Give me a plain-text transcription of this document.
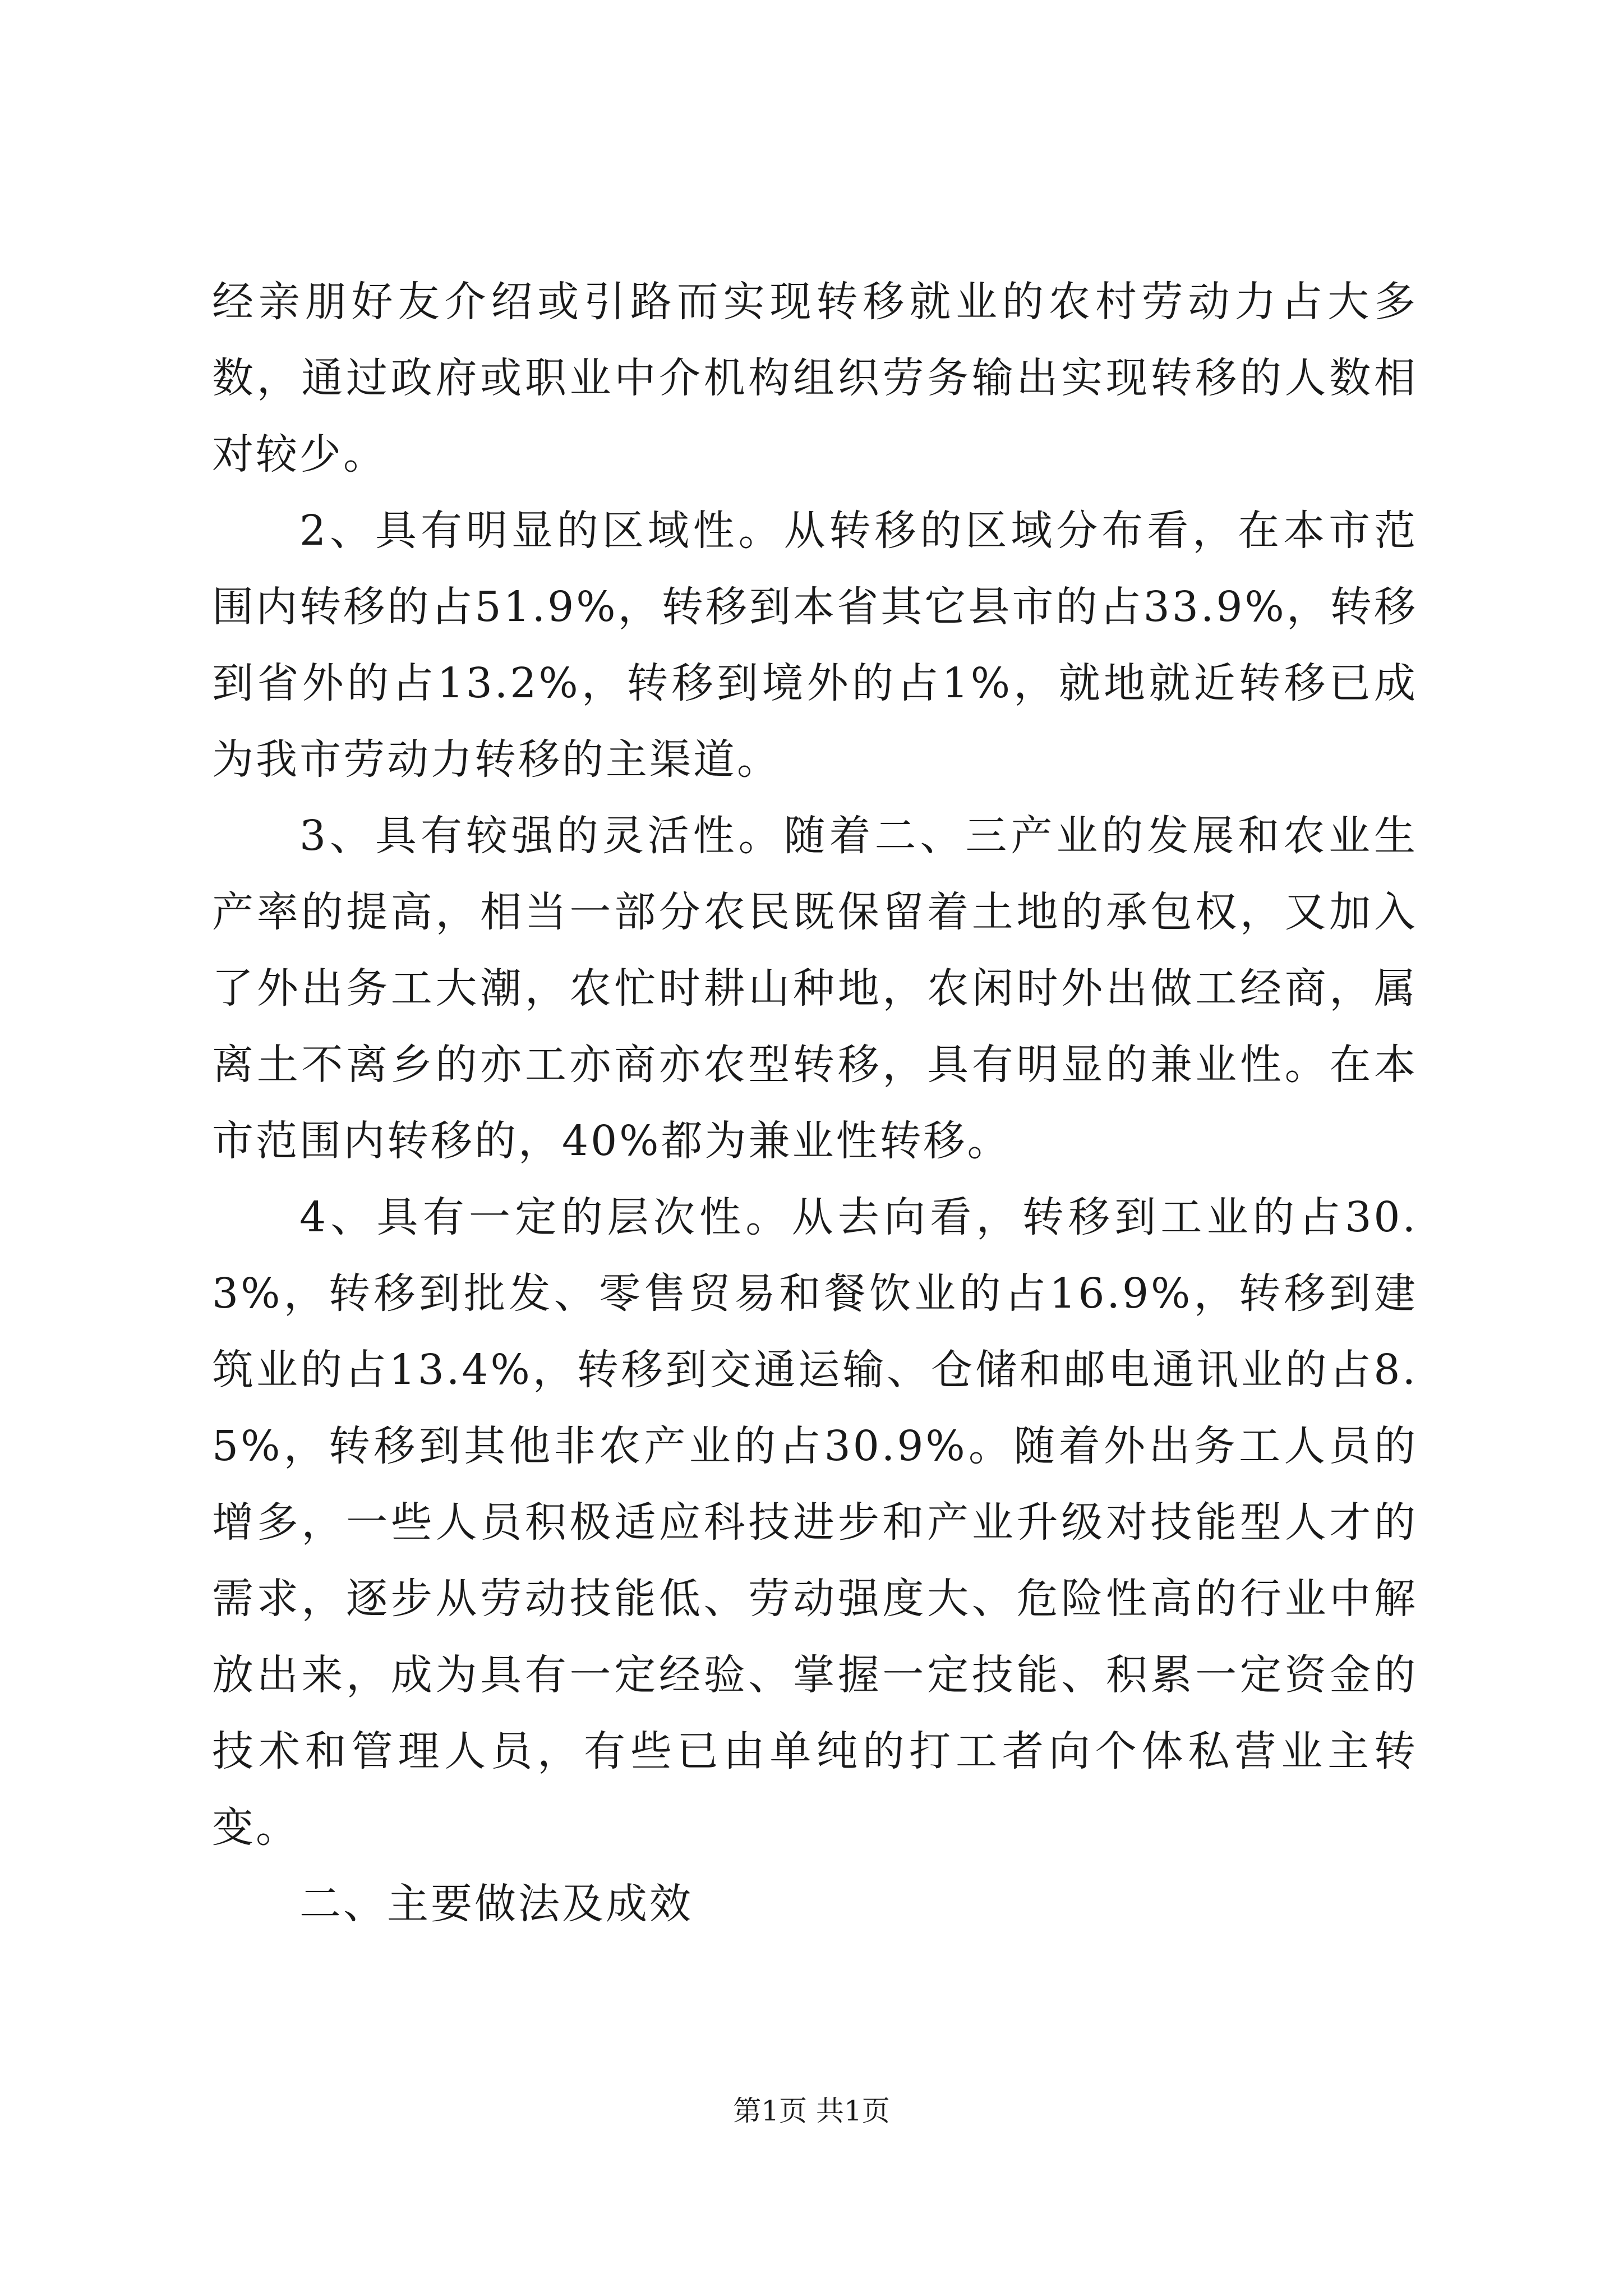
经亲朋好友介绍或引路而实现转移就业的农村劳动力占大多数，通过政府或职业中介机构组织劳务输出实现转移的人数相对较少。

2、具有明显的区域性。从转移的区域分布看，在本市范围内转移的占51.9%，转移到本省其它县市的占33.9%，转移到省外的占13.2%，转移到境外的占1%，就地就近转移已成为我市劳动力转移的主渠道。

3、具有较强的灵活性。随着二、三产业的发展和农业生产率的提高，相当一部分农民既保留着土地的承包权，又加入了外出务工大潮，农忙时耕山种地，农闲时外出做工经商，属离土不离乡的亦工亦商亦农型转移，具有明显的兼业性。在本市范围内转移的，40%都为兼业性转移。

4、具有一定的层次性。从去向看，转移到工业的占30.3%，转移到批发、零售贸易和餐饮业的占16.9%，转移到建筑业的占13.4%，转移到交通运输、仓储和邮电通讯业的占8.5%，转移到其他非农产业的占30.9%。随着外出务工人员的增多，一些人员积极适应科技进步和产业升级对技能型人才的需求，逐步从劳动技能低、劳动强度大、危险性高的行业中解放出来，成为具有一定经验、掌握一定技能、积累一定资金的技术和管理人员，有些已由单纯的打工者向个体私营业主转变。

二、主要做法及成效

第1页 共1页
